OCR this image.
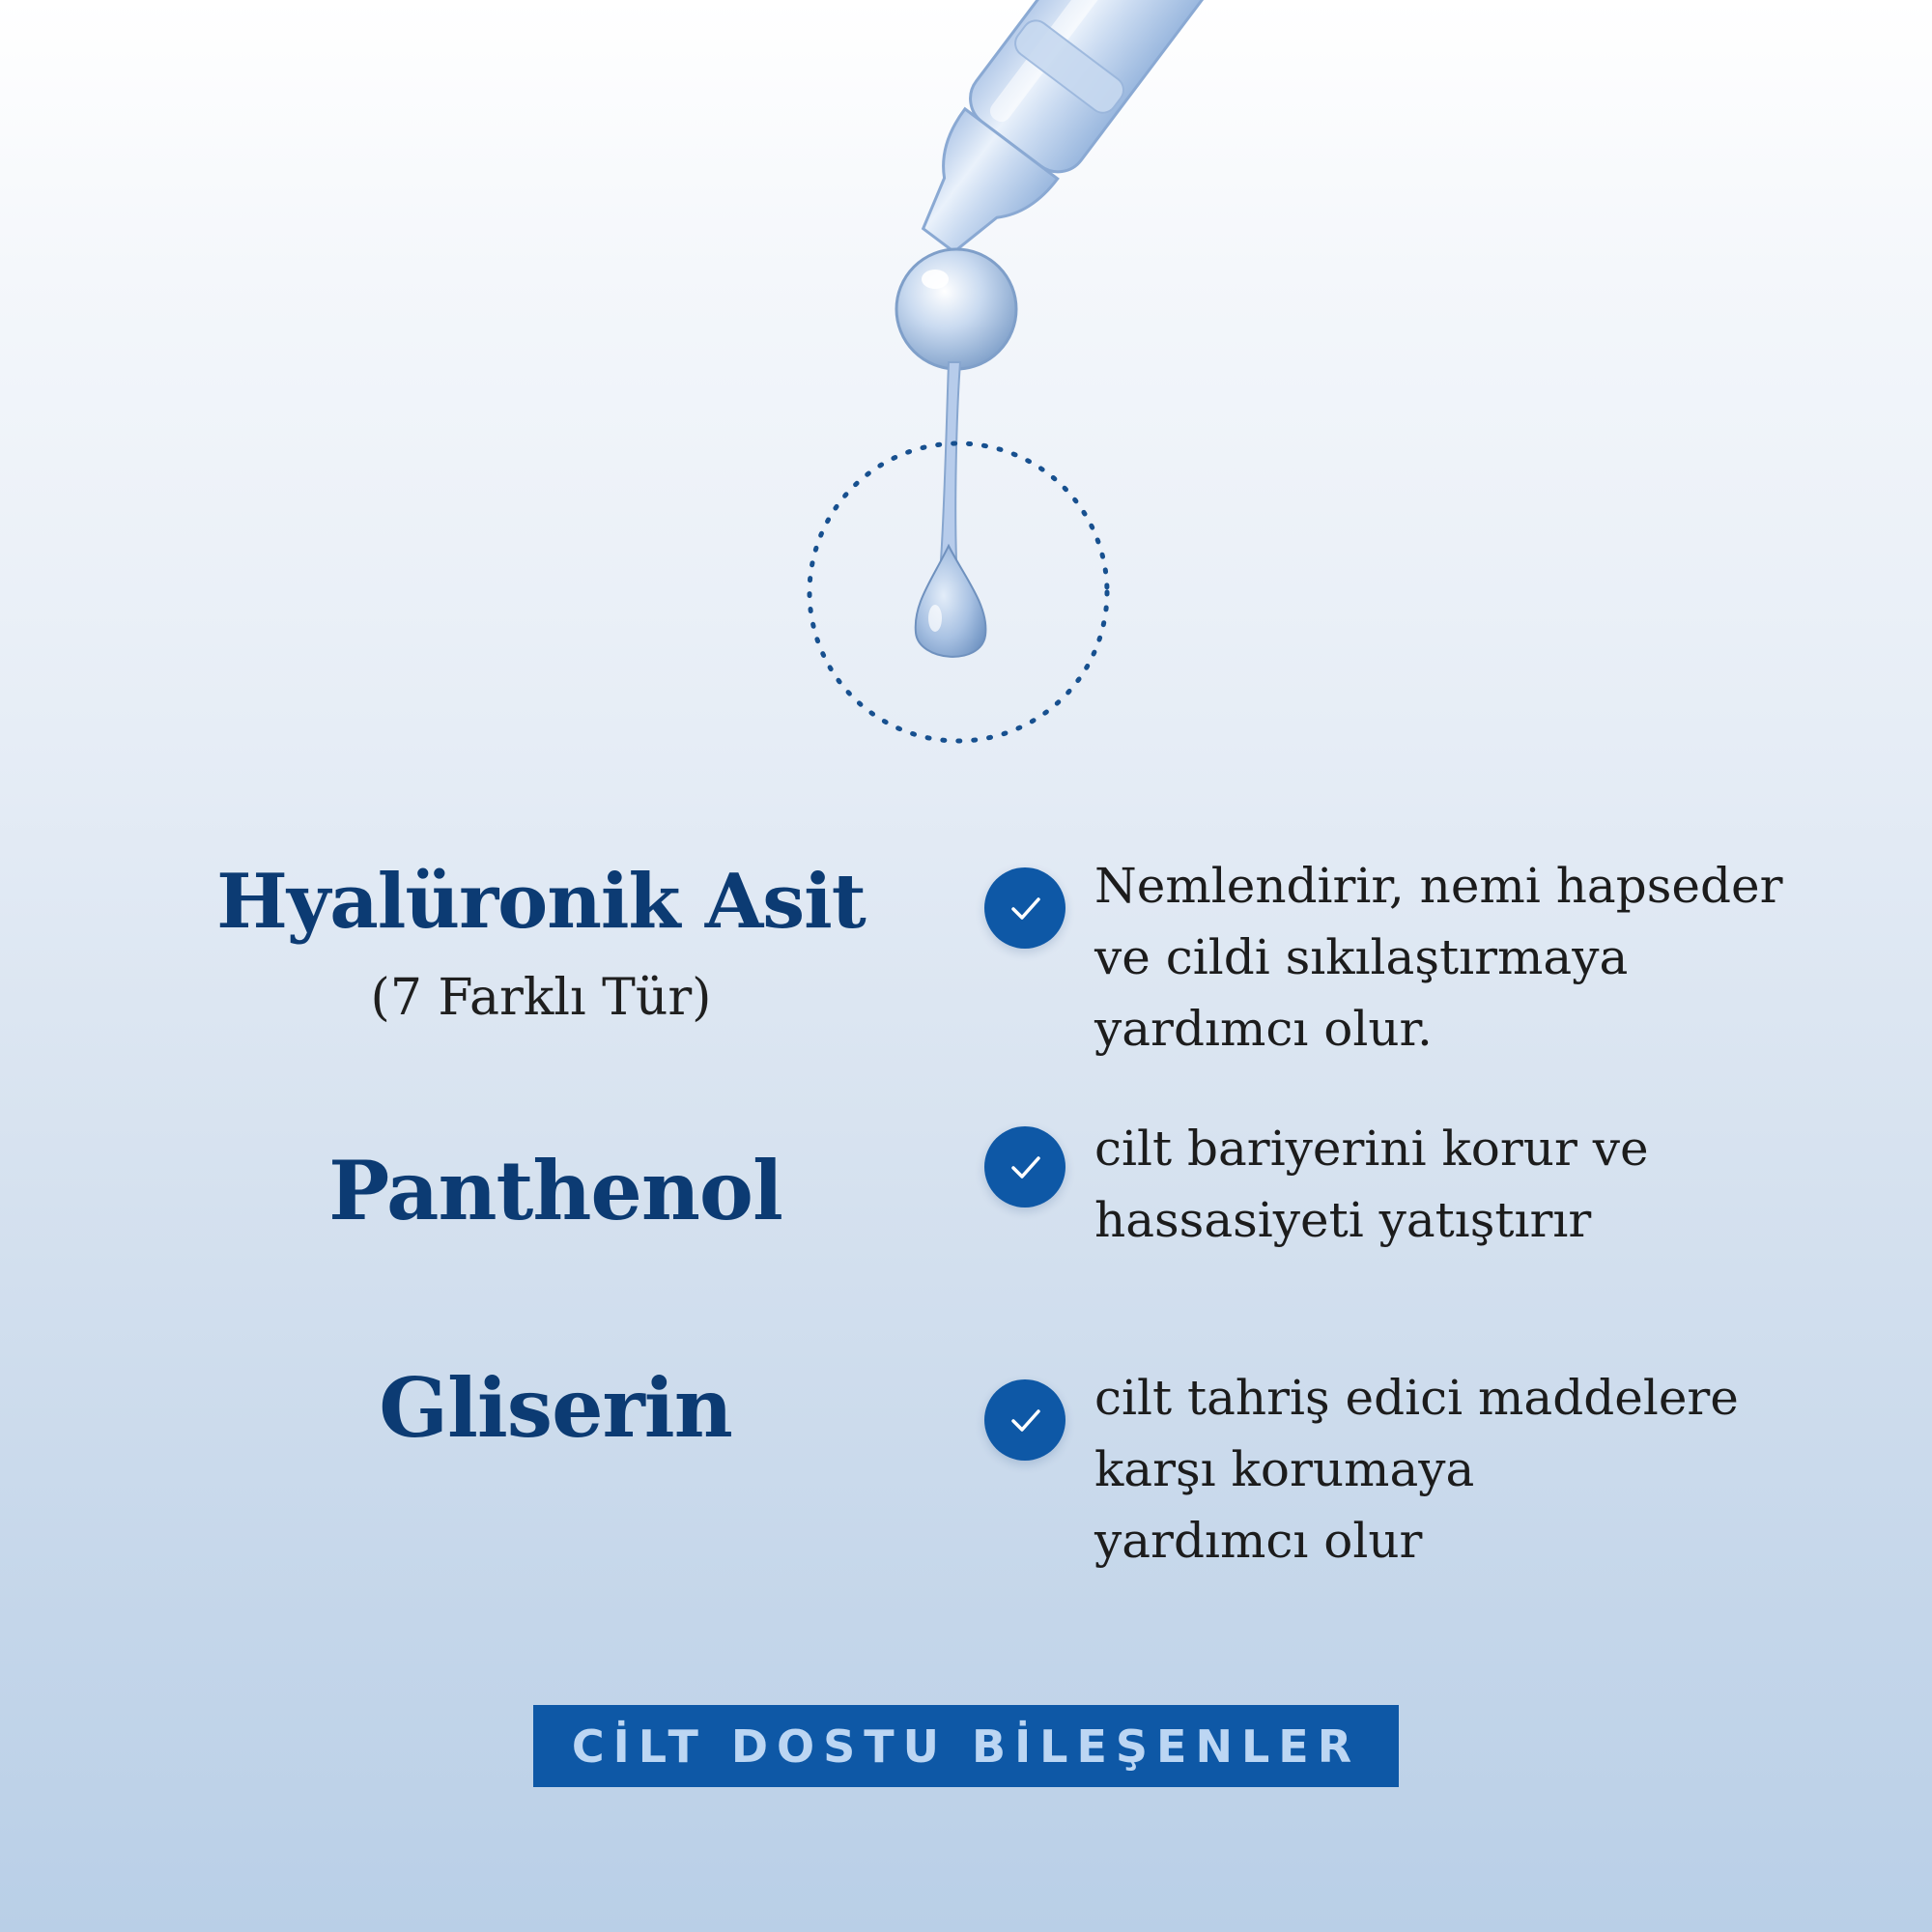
Hyalüronik Asit
(7 Farklı Tür)
Nemlendirir, nemi hapseder
ve cildi sıkılaştırmaya
yardımcı olur.
Panthenol	cilt bariyerini korur ve
hassasiyeti yatıştırır
Gliserin	cilt tahriş edici maddelere
karşı korumaya
yardımcı olur
CİLT DOSTU BİLEŞENLER
